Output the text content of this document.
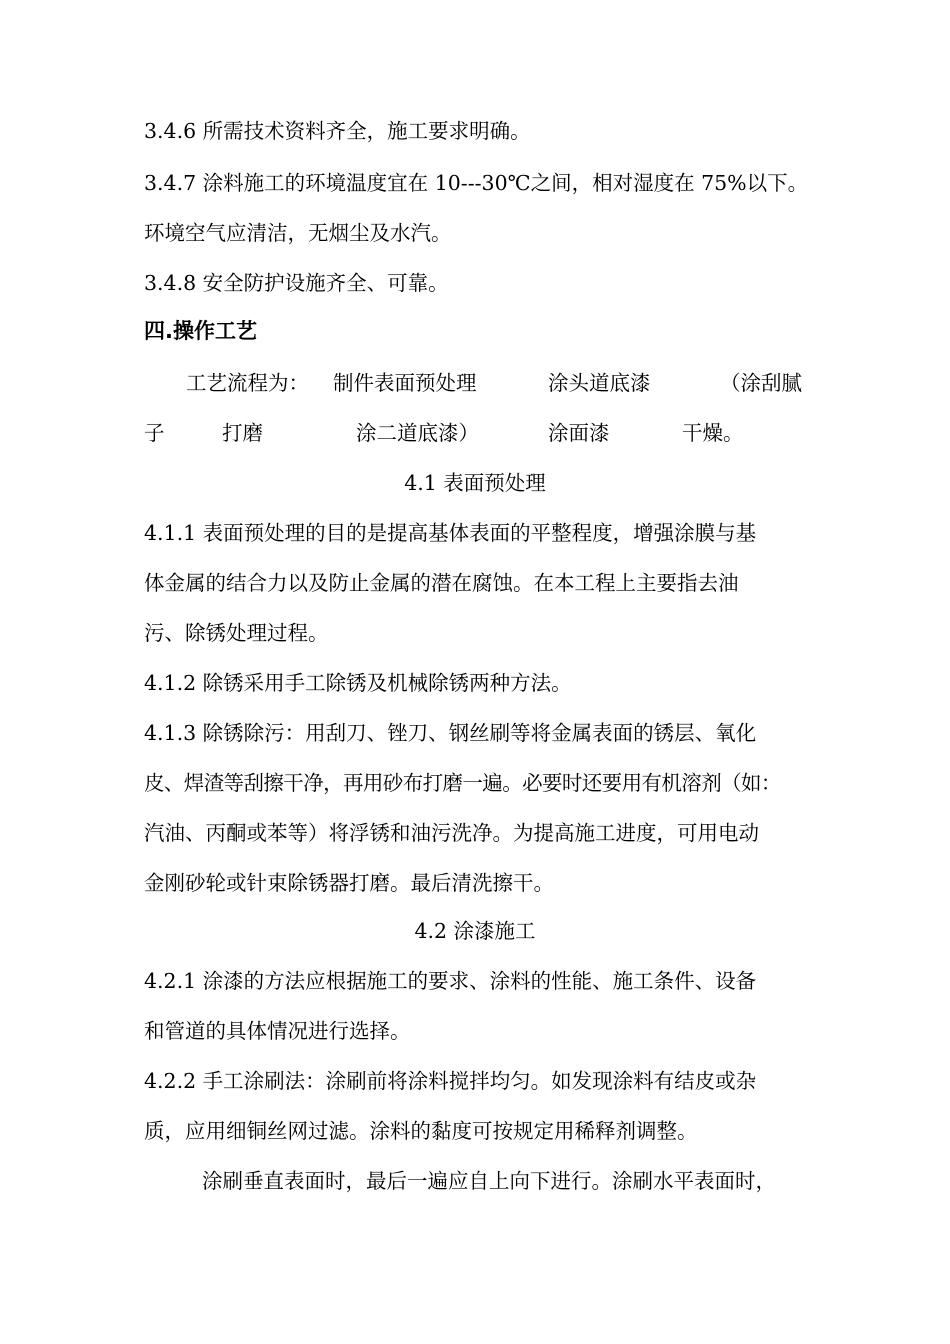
3.4.6 所需技术资料齐全，施工要求明确。
3.4.7 涂料施工的环境温度宜在 10---30℃之间，相对湿度在 75%以下。
环境空气应清洁，无烟尘及水汽。
3.4.8 安全防护设施齐全、可靠。
四.操作工艺
工艺流程为： 制件表面预处理	涂头道底漆	（涂刮腻
子	打磨	涂二道底漆）	涂面漆	干燥。
4.1 表面预处理
4.1.1 表面预处理的目的是提高基体表面的平整程度，增强涂膜与基
体金属的结合力以及防止金属的潜在腐蚀。在本工程上主要指去油
污、除锈处理过程。
4.1.2 除锈采用手工除锈及机械除锈两种方法。
4.1.3 除锈除污：用刮刀、锉刀、钢丝刷等将金属表面的锈层、氧化
皮、焊渣等刮擦干净，再用砂布打磨一遍。必要时还要用有机溶剂（如：
汽油、丙酮或苯等）将浮锈和油污洗净。为提高施工进度，可用电动
金刚砂轮或针束除锈器打磨。最后清洗擦干。
4.2 涂漆施工
4.2.1 涂漆的方法应根据施工的要求、涂料的性能、施工条件、设备
和管道的具体情况进行选择。
4.2.2 手工涂刷法：涂刷前将涂料搅拌均匀。如发现涂料有结皮或杂
质，应用细铜丝网过滤。涂料的黏度可按规定用稀释剂调整。
涂刷垂直表面时，最后一遍应自上向下进行。涂刷水平表面时，
